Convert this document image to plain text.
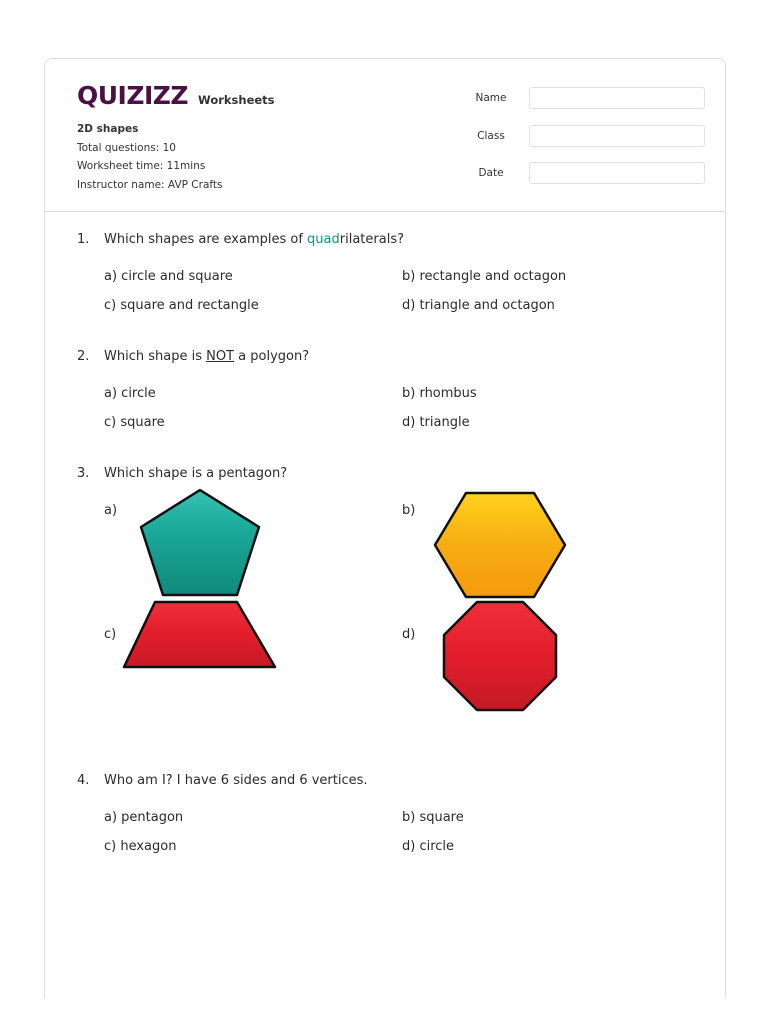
QUIZIZZ Worksheets
2D shapes
Total questions: 10
Worksheet time: 11mins
Instructor name: AVP Crafts
Name
Class
Date
1.	Which shapes are examples of quadrilaterals?
a) circle and square	b) rectangle and octagon
c) square and rectangle	d) triangle and octagon
2.	Which shape is NOT a polygon?
a) circle	b) rhombus
c) square	d) triangle
3.	Which shape is a pentagon?
a)	b)
c)	d)
4.	Who am I? I have 6 sides and 6 vertices.
a) pentagon	b) square
c) hexagon	d) circle
